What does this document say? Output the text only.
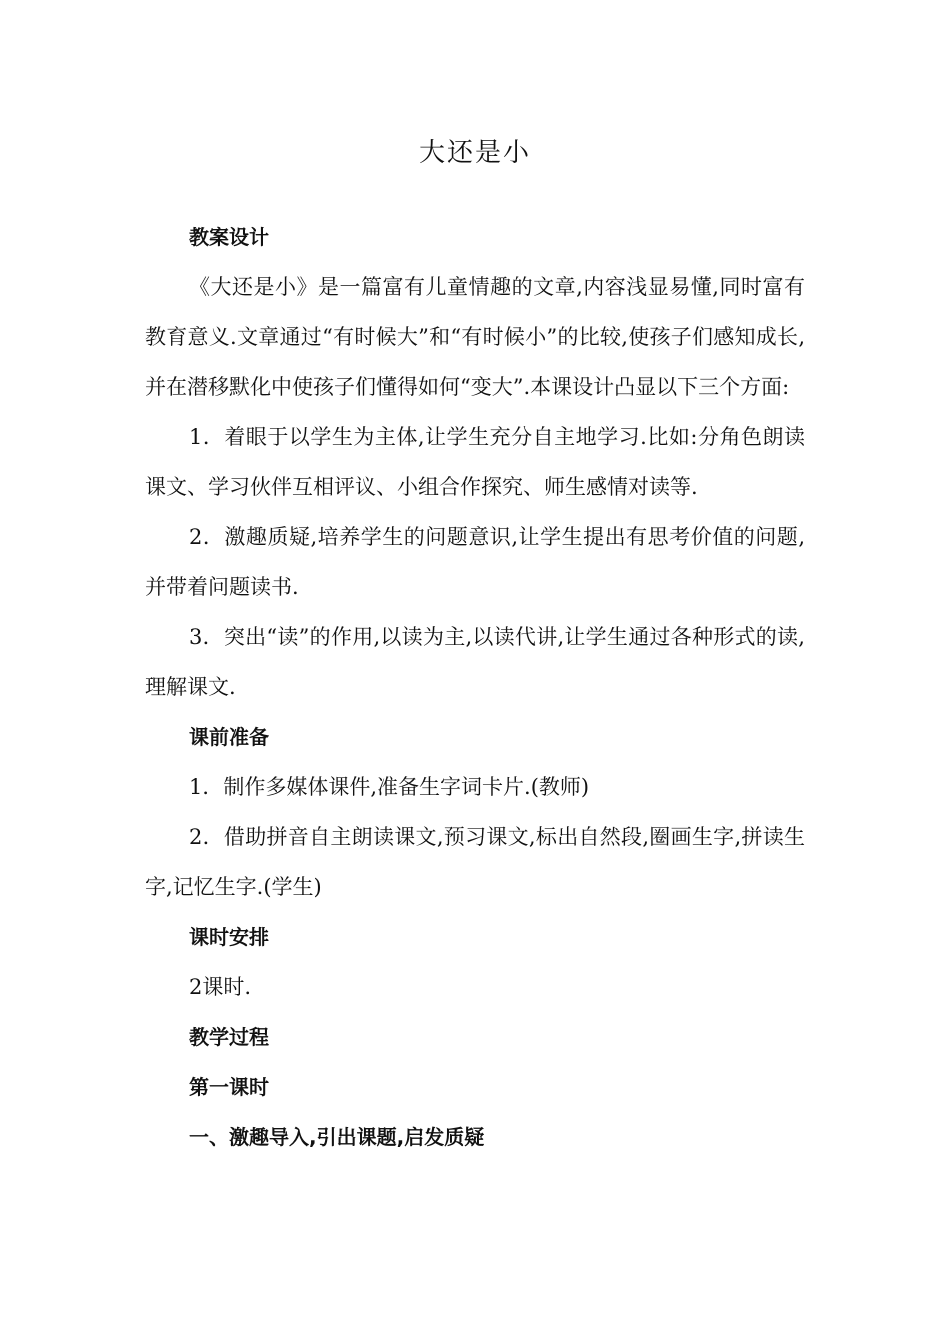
大还是小
教案设计
《大还是小》是一篇富有儿童情趣的文章,内容浅显易懂,同时富有教育意义.文章通过“有时候大”和“有时候小”的比较,使孩子们感知成长,并在潜移默化中使孩子们懂得如何“变大”.本课设计凸显以下三个方面:
1．着眼于以学生为主体,让学生充分自主地学习.比如:分角色朗读课文、学习伙伴互相评议、小组合作探究、师生感情对读等.
2．激趣质疑,培养学生的问题意识,让学生提出有思考价值的问题,并带着问题读书.
3．突出“读”的作用,以读为主,以读代讲,让学生通过各种形式的读,理解课文.
课前准备
1．制作多媒体课件,准备生字词卡片.(教师)
2．借助拼音自主朗读课文,预习课文,标出自然段,圈画生字,拼读生字,记忆生字.(学生)
课时安排
2课时.
教学过程
第一课时
一、激趣导入,引出课题,启发质疑
